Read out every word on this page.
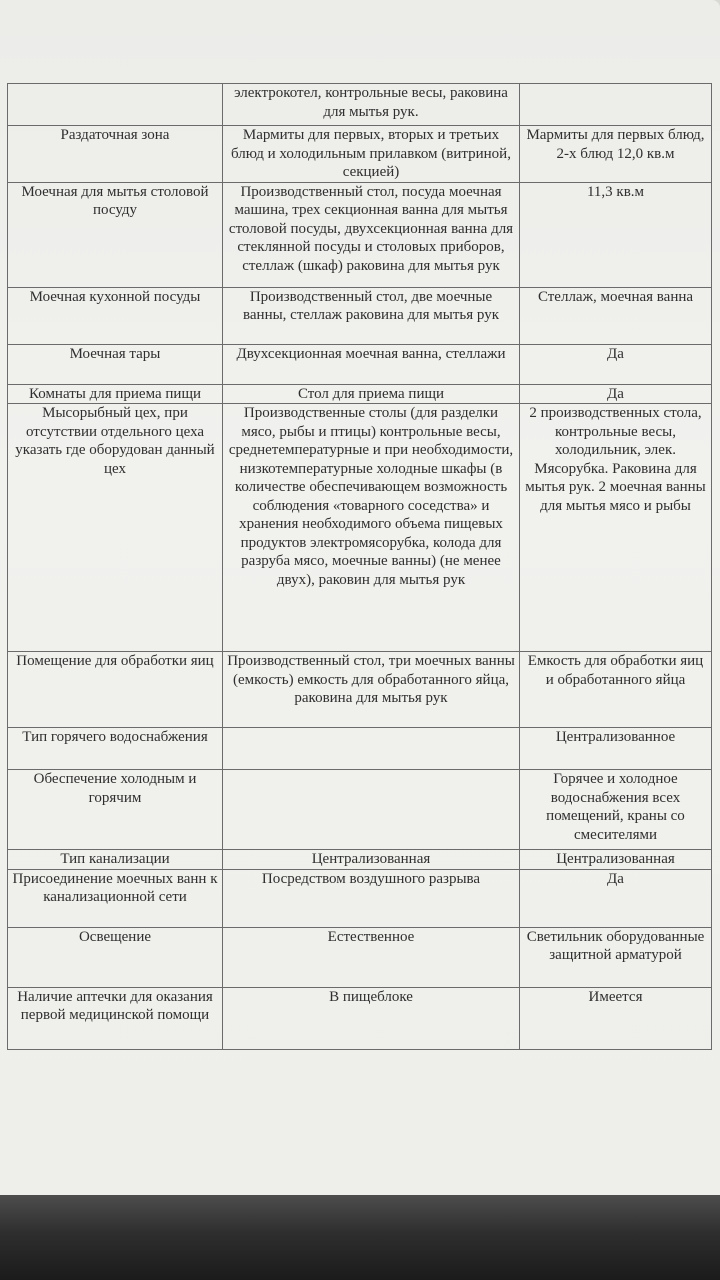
	электрокотел, контрольные весы, раковина для мытья рук.	
Раздаточная зона	Мармиты для первых, вторых и третьих блюд и холодильным прилавком (витриной, секцией)	Мармиты для первых блюд, 2-х блюд 12,0 кв.м
Моечная для мытья столовой посуду	Производственный стол, посуда моечная машина, трех секционная ванна для мытья столовой посуды, двухсекционная ванна для стеклянной посуды и столовых приборов, стеллаж (шкаф) раковина для мытья рук	11,3 кв.м
Моечная кухонной посуды	Производственный стол, две моечные ванны, стеллаж раковина для мытья рук	Стеллаж, моечная ванна
Моечная тары	Двухсекционная моечная ванна, стеллажи	Да
Комнаты для приема пищи	Стол для приема пищи	Да
Мысорыбный цех, при отсутствии отдельного цеха указать где оборудован данный цех	Производственные столы (для разделки мясо, рыбы и птицы) контрольные весы, среднетемпературные и при необходимости, низкотемпературные холодные шкафы (в количестве обеспечивающем возможность соблюдения «товарного соседства» и хранения необходимого объема пищевых продуктов электромясорубка, колода для разруба мясо, моечные ванны) (не менее двух), раковин для мытья рук	2 производственных стола, контрольные весы, холодильник, элек. Мясорубка. Раковина для мытья рук. 2 моечная ванны для мытья мясо и рыбы
Помещение для обработки яиц	Производственный стол, три моечных ванны (емкость) емкость для обработанного яйца, раковина для мытья рук	Емкость для обработки яиц и обработанного яйца
Тип горячего водоснабжения		Централизованное
Обеспечение холодным и горячим		Горячее и холодное водоснабжения всех помещений, краны со смесителями
Тип канализации	Централизованная	Централизованная
Присоединение моечных ванн к канализационной сети	Посредством воздушного разрыва	Да
Освещение	Естественное	Светильник оборудованные защитной арматурой
Наличие аптечки для оказания первой медицинской помощи	В пищеблоке	Имеется
